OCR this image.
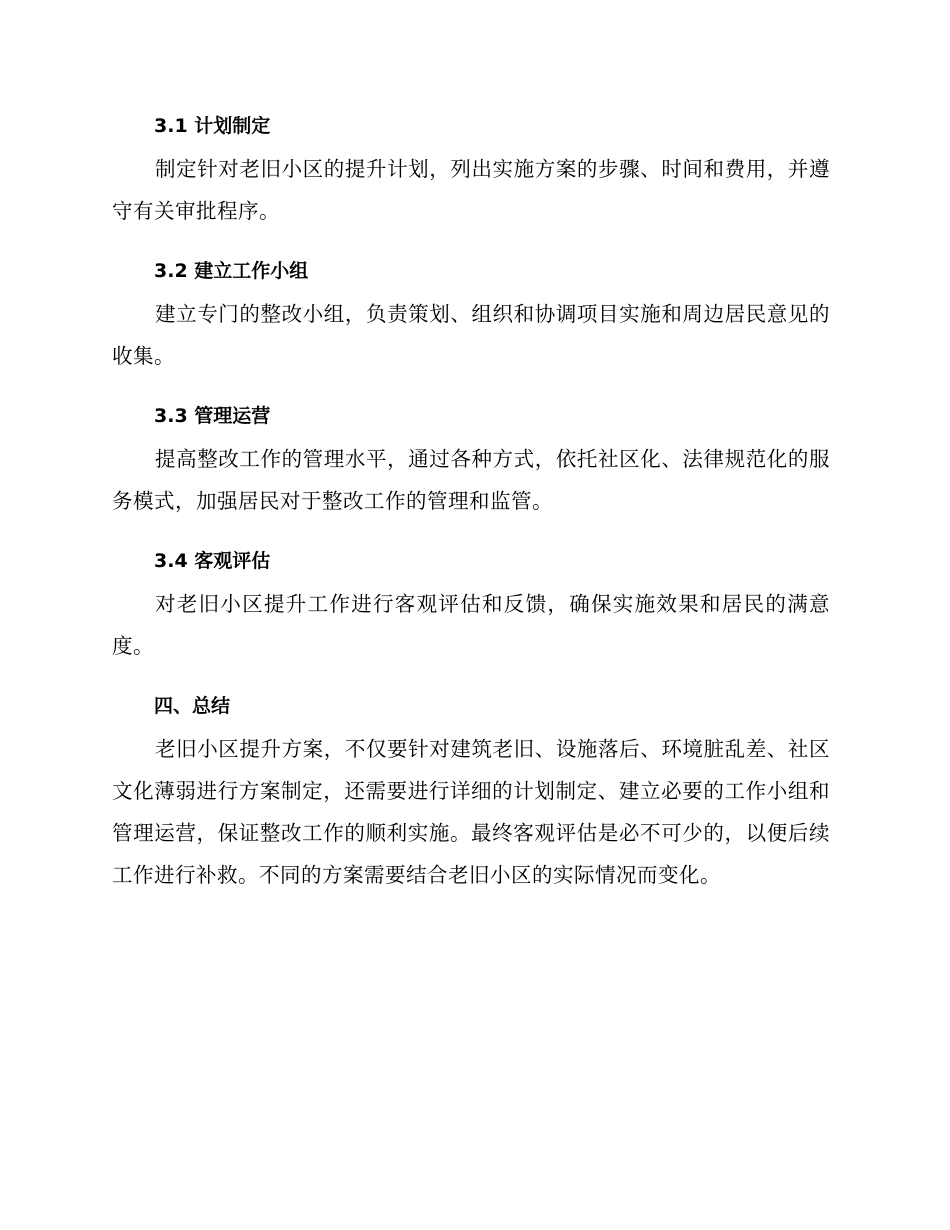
3.1 计划制定

制定针对老旧小区的提升计划，列出实施方案的步骤、时间和费用，并遵守有关审批程序。

3.2 建立工作小组

建立专门的整改小组，负责策划、组织和协调项目实施和周边居民意见的收集。

3.3 管理运营

提高整改工作的管理水平，通过各种方式，依托社区化、法律规范化的服务模式，加强居民对于整改工作的管理和监管。

3.4 客观评估

对老旧小区提升工作进行客观评估和反馈，确保实施效果和居民的满意度。

四、总结

老旧小区提升方案，不仅要针对建筑老旧、设施落后、环境脏乱差、社区文化薄弱进行方案制定，还需要进行详细的计划制定、建立必要的工作小组和管理运营，保证整改工作的顺利实施。最终客观评估是必不可少的，以便后续工作进行补救。不同的方案需要结合老旧小区的实际情况而变化。
